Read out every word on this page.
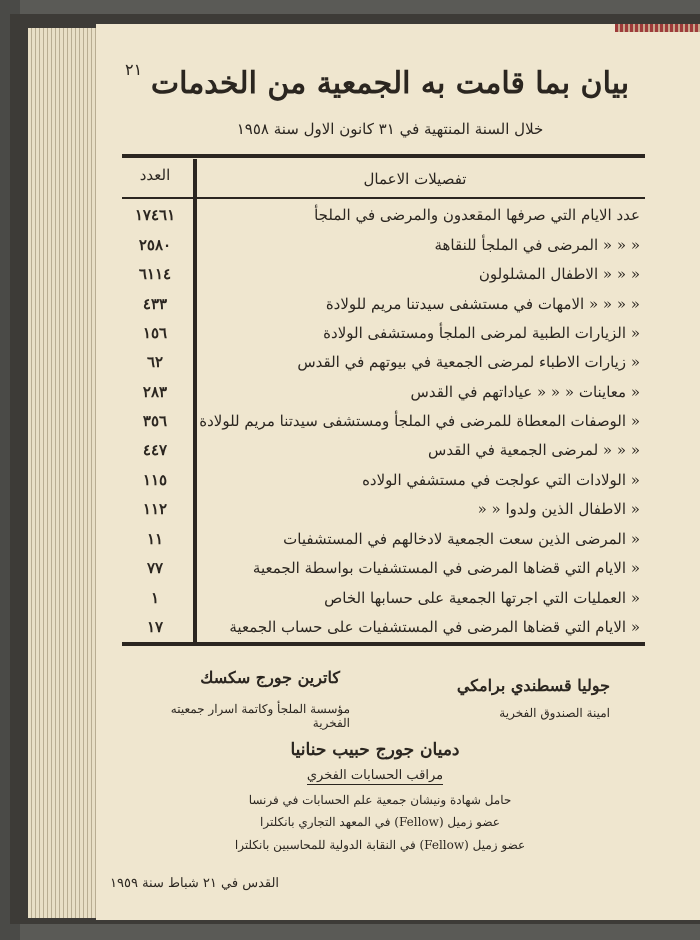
٢١ بيان بما قامت به الجمعية من الخدمات
خلال السنة المنتهية في ٣١ كانون الاول سنة ١٩٥٨
تفصيلات الاعمال
العدد
عدد الايام التي صرفها المقعدون والمرضى في الملجأ
١٧٤٦١
« « « المرضى في الملجأ للنقاهة
٢٥٨٠
« « « الاطفال المشلولون
٦١١٤
« « « « الامهات في مستشفى سيدتنا مريم للولادة
٤٣٣
« الزيارات الطبية لمرضى الملجأ ومستشفى الولادة
١٥٦
« زيارات الاطباء لمرضى الجمعية في بيوتهم في القدس
٦٢
« معاينات « « « عياداتهم في القدس
٢٨٣
« الوصفات المعطاة للمرضى في الملجأ ومستشفى سيدتنا مريم للولادة
٣٥٦
« « « لمرضى الجمعية في القدس
٤٤٧
« الولادات التي عولجت في مستشفي الولاده
١١٥
« الاطفال الذين ولدوا « «
١١٢
« المرضى الذين سعت الجمعية لادخالهم في المستشفيات
١١
« الايام التي قضاها المرضى في المستشفيات بواسطة الجمعية
٧٧
« العمليات التي اجرتها الجمعية على حسابها الخاص
١
« الايام التي قضاها المرضى في المستشفيات على حساب الجمعية
١٧
كاترين جورج سكسك
مؤسسة الملجأ وكاتمة اسرار جمعيته الفخرية
جوليا قسطندي برامكي
امينة الصندوق الفخرية
دميان جورج حبيب حنانيا
مراقب الحسابات الفخري
حامل شهادة ونيشان جمعية علم الحسابات في فرنسا
عضو زميل (Fellow) في المعهد التجاري بانكلترا
عضو زميل (Fellow) في النقابة الدولية للمحاسبين بانكلترا
القدس في ٢١ شباط سنة ١٩٥٩
